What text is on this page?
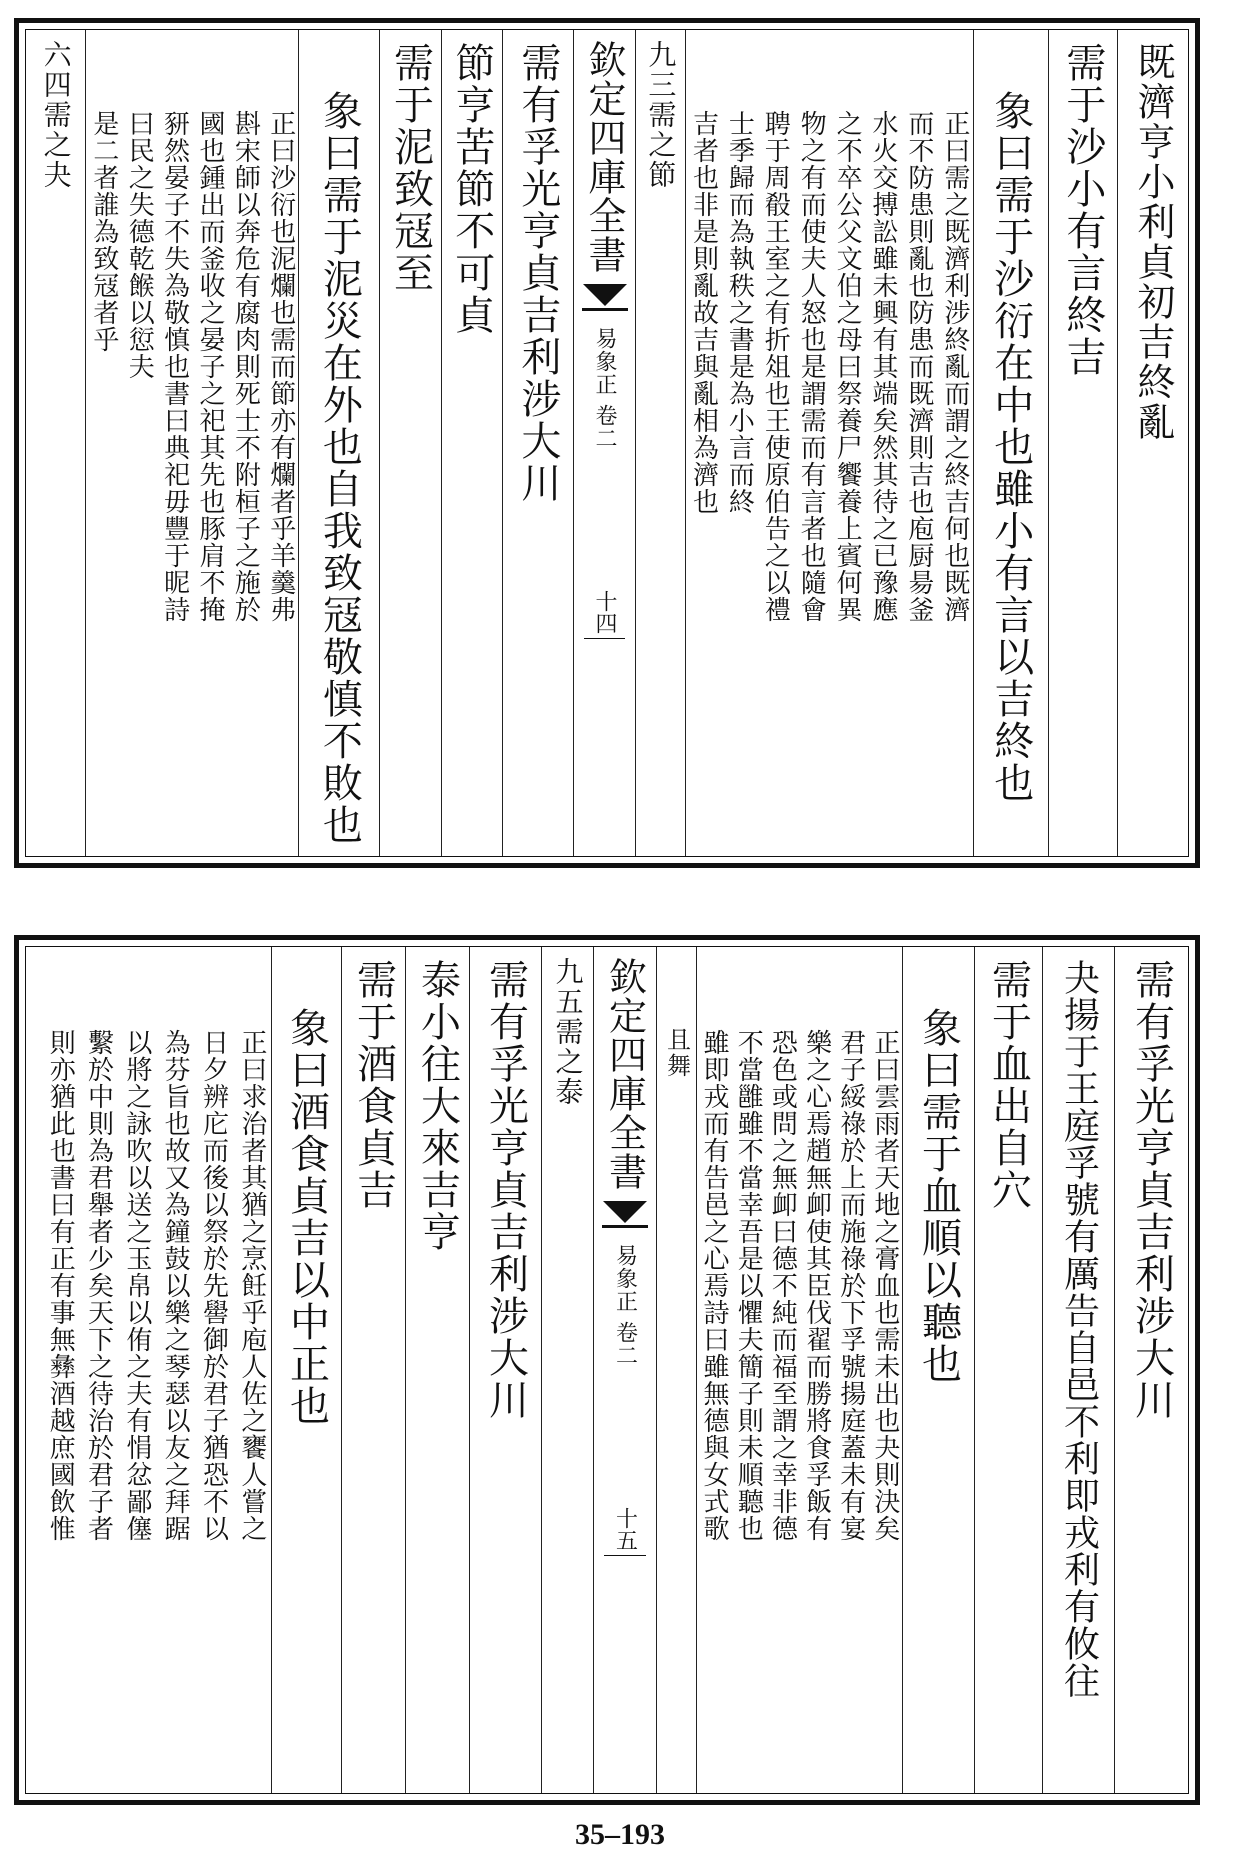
既濟亨小利貞初吉終亂
需于沙小有言終吉
象曰需于沙衍在中也雖小有言以吉終也
正曰需之既濟利涉終亂而謂之終吉何也既濟
而不防患則亂也防患而既濟則吉也庖厨昜釜
水火交搏訟雖未興有其端矣然其待之已豫應
之不卒公父文伯之母曰祭養尸饗養上賓何異
物之有而使夫人怒也是謂需而有言者也隨會
聘于周殽王室之有折俎也王使原伯告之以禮
士季歸而為執秩之書是為小言而終
吉者也非是則亂故吉與亂相為濟也
九三需之節
欽定四庫全書
易象正 卷二
十四
需有孚光亨貞吉利涉大川
節亨苦節不可貞
需于泥致冦至
象曰需于泥災在外也自我致冦敬慎不敗也
正曰沙衍也泥爛也需而節亦有爛者乎羊羹弗
斟宋師以奔危有腐肉則死士不附桓子之施於
國也鍾出而釜收之晏子之祀其先也豚肩不掩
豜然晏子不失為敬慎也書曰典祀毋豐于昵詩
曰民之失德乾餱以愆夫
是二者誰為致冦者乎
六四需之夬
需有孚光亨貞吉利涉大川
夬揚于王庭孚號有厲告自邑不利即戎利有攸往
需于血出自穴
象曰需于血順以聽也
正曰雲雨者天地之膏血也需未出也夬則決矣
君子綏祿於上而施祿於下孚號揚庭蓋未有宴
樂之心焉趙無卹使其臣伐翟而勝將食孚飯有
恐色或問之無卹曰德不純而福至謂之幸非德
不當雝雖不當幸吾是以懼夫簡子則未順聽也
雖即戎而有告邑之心焉詩曰雖無德與女式歌
且舞
欽定四庫全書
易象正 卷二
十五
九五需之泰
需有孚光亨貞吉利涉大川
泰小往大來吉亨
需于酒食貞吉
象曰酒食貞吉以中正也
正曰求治者其猶之烹飪乎庖人佐之饔人嘗之
日夕辨庀而後以祭於先嚳御於君子猶恐不以
為芬旨也故又為鐘鼓以樂之琴瑟以友之拜踞
以將之詠吹以送之玉帛以侑之夫有悁忿鄙僿
繫於中則為君舉者少矣天下之待治於君子者
則亦猶此也書曰有正有事無彝酒越庶國飲惟
35–193
